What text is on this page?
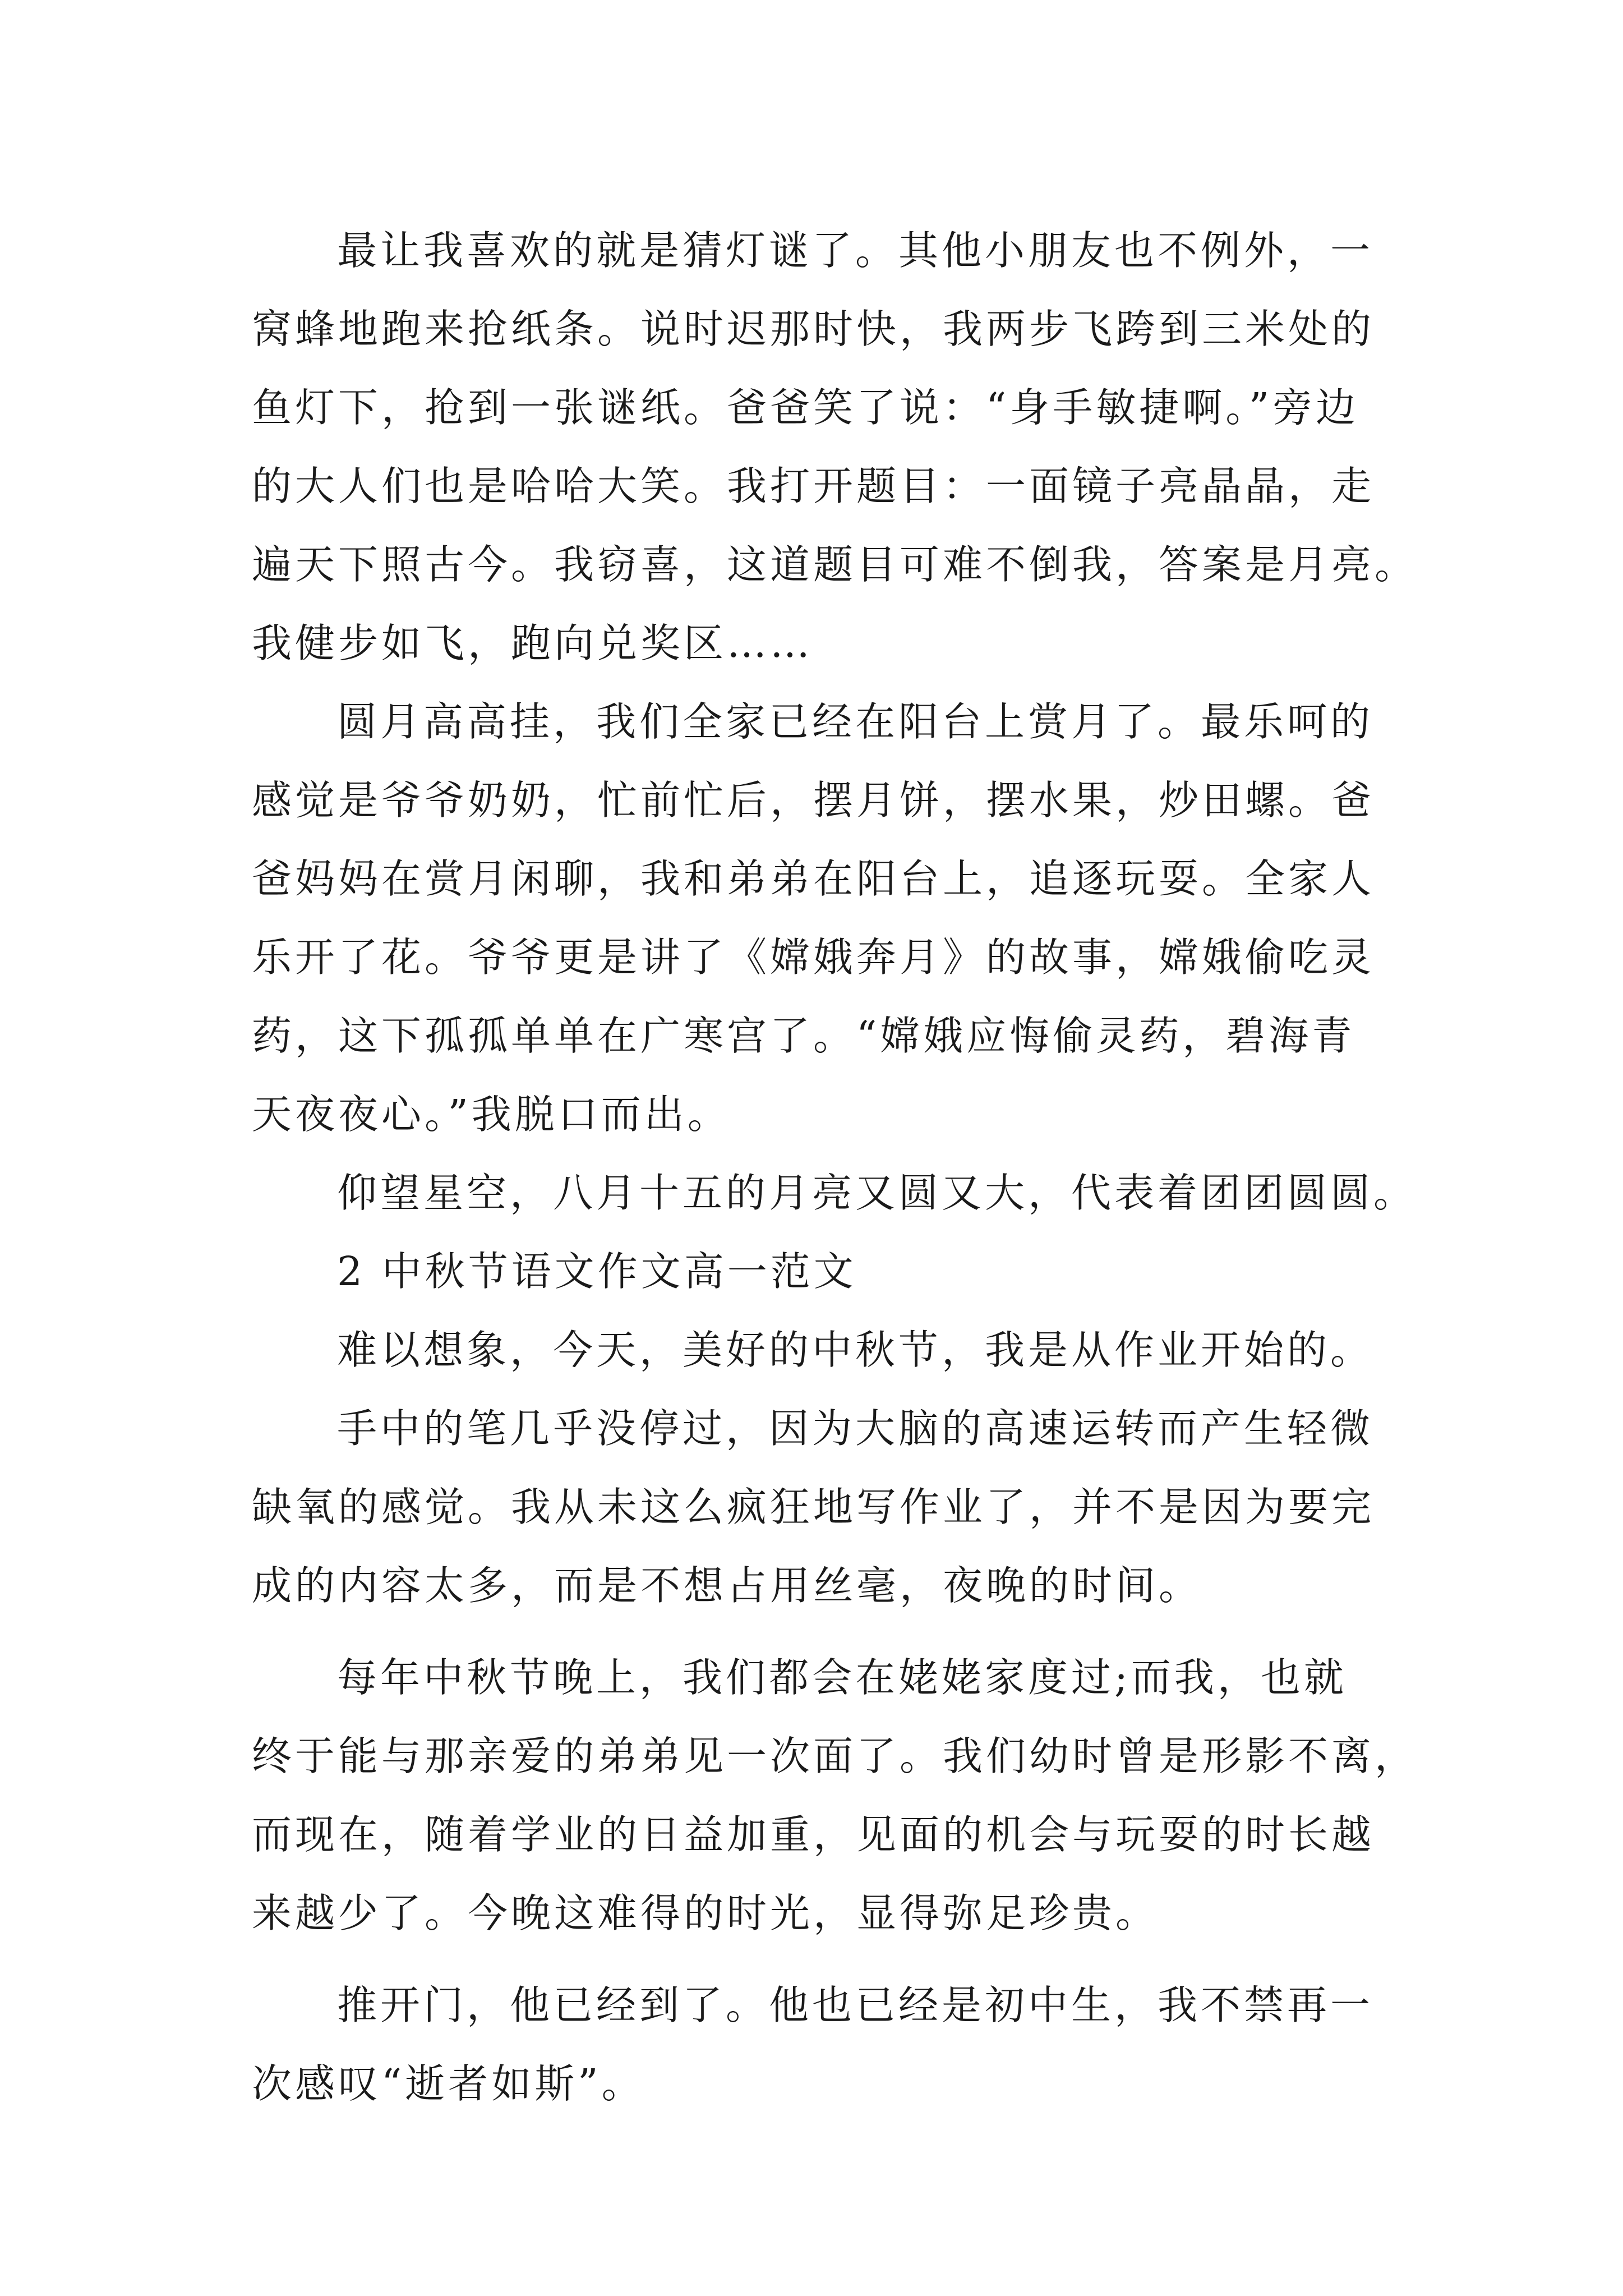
最让我喜欢的就是猜灯谜了。其他小朋友也不例外，一
窝蜂地跑来抢纸条。说时迟那时快，我两步飞跨到三米处的
鱼灯下，抢到一张谜纸。爸爸笑了说：“身手敏捷啊。”旁边
的大人们也是哈哈大笑。我打开题目：一面镜子亮晶晶，走
遍天下照古今。我窃喜，这道题目可难不倒我，答案是月亮。
我健步如飞，跑向兑奖区……
圆月高高挂，我们全家已经在阳台上赏月了。最乐呵的
感觉是爷爷奶奶，忙前忙后，摆月饼，摆水果，炒田螺。爸
爸妈妈在赏月闲聊，我和弟弟在阳台上，追逐玩耍。全家人
乐开了花。爷爷更是讲了《嫦娥奔月》的故事，嫦娥偷吃灵
药，这下孤孤单单在广寒宫了。“嫦娥应悔偷灵药，碧海青
天夜夜心。”我脱口而出。
仰望星空，八月十五的月亮又圆又大，代表着团团圆圆。
2 中秋节语文作文高一范文
难以想象，今天，美好的中秋节，我是从作业开始的。
手中的笔几乎没停过，因为大脑的高速运转而产生轻微
缺氧的感觉。我从未这么疯狂地写作业了，并不是因为要完
成的内容太多，而是不想占用丝毫，夜晚的时间。
每年中秋节晚上，我们都会在姥姥家度过;而我，也就
终于能与那亲爱的弟弟见一次面了。我们幼时曾是形影不离，
而现在，随着学业的日益加重，见面的机会与玩耍的时长越
来越少了。今晚这难得的时光，显得弥足珍贵。
推开门，他已经到了。他也已经是初中生，我不禁再一
次感叹“逝者如斯”。
